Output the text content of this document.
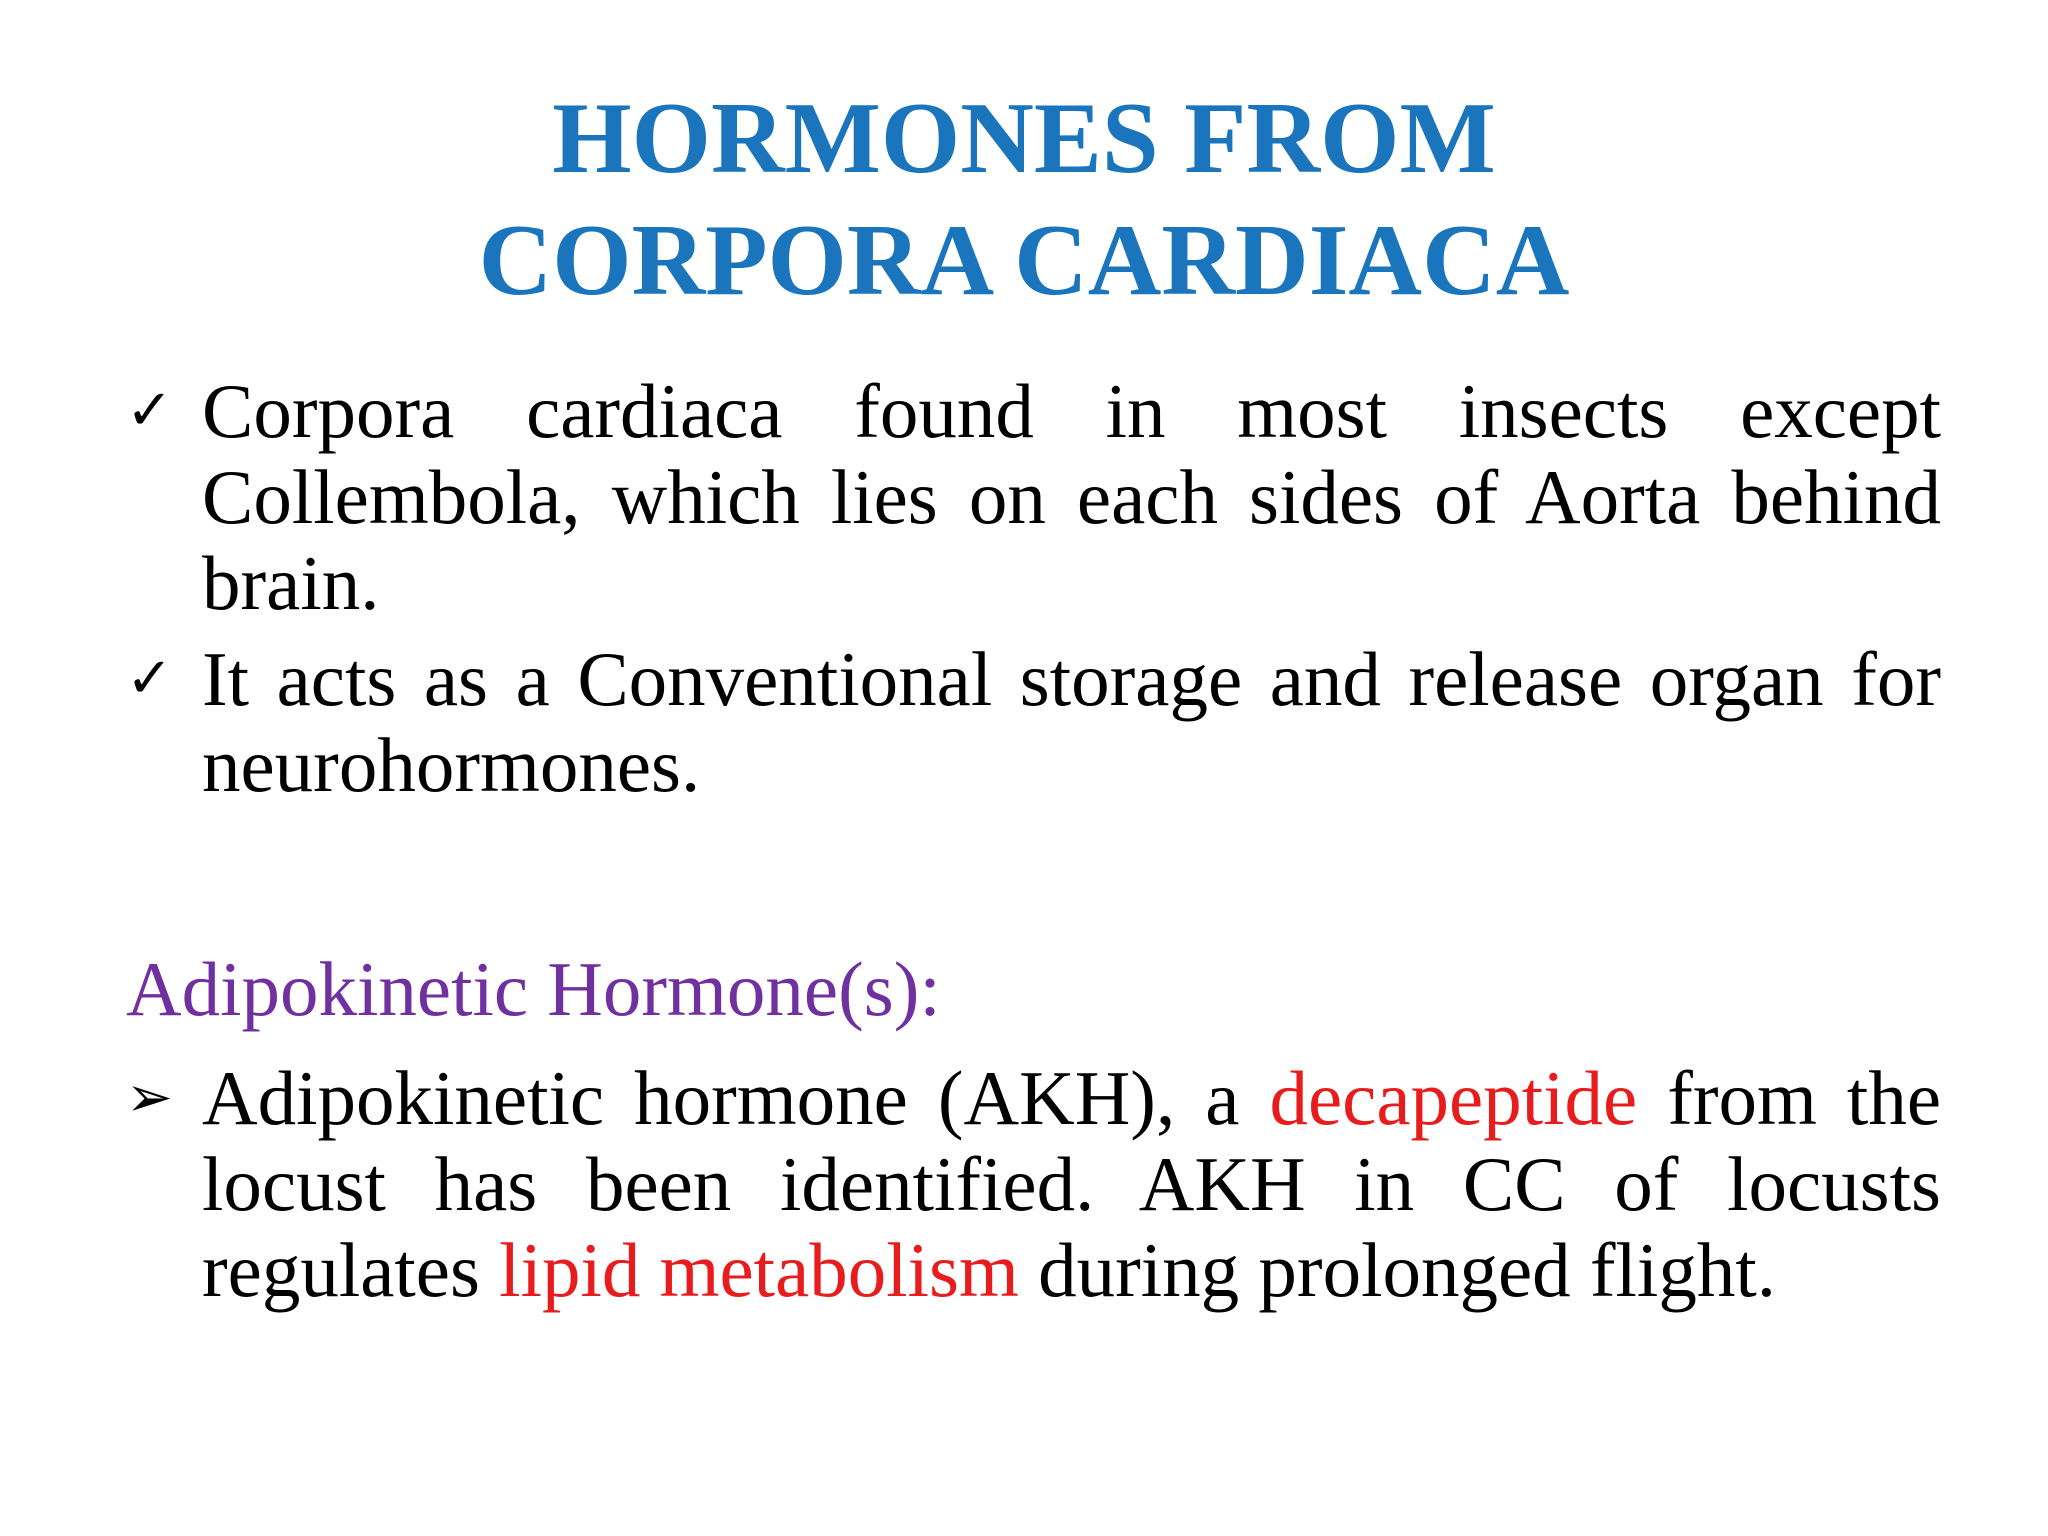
HORMONES FROM
CORPORA CARDIACA
✓ Corpora cardiaca found in most insects except Collembola, which lies on each sides of Aorta behind brain.
✓ It acts as a Conventional storage and release organ for neurohormones.
Adipokinetic Hormone(s):
➢ Adipokinetic hormone (AKH), a decapeptide from the locust has been identified. AKH in CC of locusts regulates lipid metabolism during prolonged flight.
